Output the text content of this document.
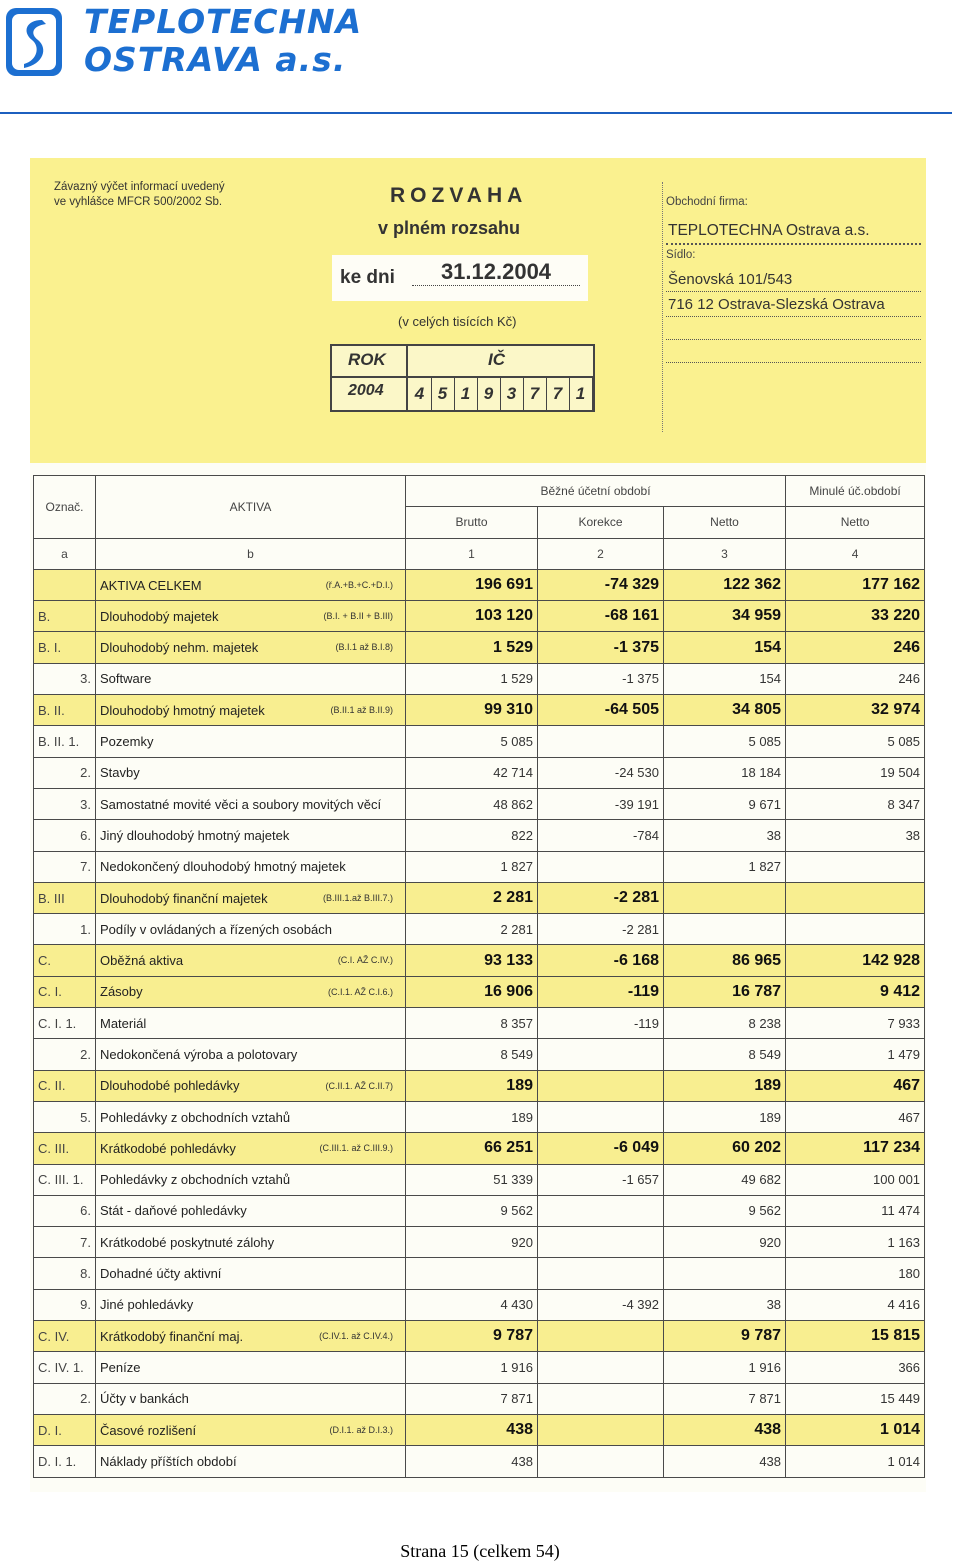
TEPLOTECHNA
OSTRAVA a.s.
Závazný výčet informací uvedený
ve vyhlášce MFCR 500/2002 Sb.	ROZVAHA
v plném rozsahu
ke dni	31.12.2004
(v celých tisících Kč)
ROK	IČ
2004	4 5 1 9 3 7 7 1
Obchodní firma:
TEPLOTECHNA Ostrava a.s.
Sídlo:
Šenovská 101/543
716 12 Ostrava-Slezská Ostrava
Označ.	AKTIVA	Běžné účetní období			Minulé úč.období
		Brutto	Korekce	Netto	Netto
a	b	1	2	3	4
	AKTIVA CELKEM (ř.A.+B.+C.+D.I.)	196 691	-74 329	122 362	177 162
B.	Dlouhodobý majetek (B.I. + B.II + B.III)	103 120	-68 161	34 959	33 220
B. I.	Dlouhodobý nehm. majetek (B.I.1 až B.I.8)	1 529	-1 375	154	246
3.	Software	1 529	-1 375	154	246
B. II.	Dlouhodobý hmotný majetek (B.II.1 až B.II.9)	99 310	-64 505	34 805	32 974
B. II. 1.	Pozemky	5 085		5 085	5 085
2.	Stavby	42 714	-24 530	18 184	19 504
3.	Samostatné movité věci a soubory movitých věcí	48 862	-39 191	9 671	8 347
6.	Jiný dlouhodobý hmotný majetek	822	-784	38	38
7.	Nedokončený dlouhodobý hmotný majetek	1 827		1 827	
B. III	Dlouhodobý finanční majetek (B.III.1.až B.III.7.)	2 281	-2 281		
1.	Podíly v ovládaných a řízených osobách	2 281	-2 281		
C.	Oběžná aktiva (C.I. AŽ C.IV.)	93 133	-6 168	86 965	142 928
C. I.	Zásoby (C.I.1. AŽ C.I.6.)	16 906	-119	16 787	9 412
C. I. 1.	Materiál	8 357	-119	8 238	7 933
2.	Nedokončená výroba a polotovary	8 549		8 549	1 479
C. II.	Dlouhodobé pohledávky (C.II.1. AŽ C.II.7)	189		189	467
5.	Pohledávky z obchodních vztahů	189		189	467
C. III.	Krátkodobé pohledávky (C.III.1. až C.III.9.)	66 251	-6 049	60 202	117 234
C. III. 1.	Pohledávky z obchodních vztahů	51 339	-1 657	49 682	100 001
6.	Stát - daňové pohledávky	9 562		9 562	11 474
7.	Krátkodobé poskytnuté zálohy	920		920	1 163
8.	Dohadné účty aktivní				180
9.	Jiné pohledávky	4 430	-4 392	38	4 416
C. IV.	Krátkodobý finanční maj. (C.IV.1. až C.IV.4.)	9 787		9 787	15 815
C. IV. 1.	Peníze	1 916		1 916	366
2.	Účty v bankách	7 871		7 871	15 449
D. I.	Časové rozlišení (D.I.1. až D.I.3.)	438		438	1 014
D. I. 1.	Náklady příštích období	438		438	1 014
Strana 15 (celkem 54)
